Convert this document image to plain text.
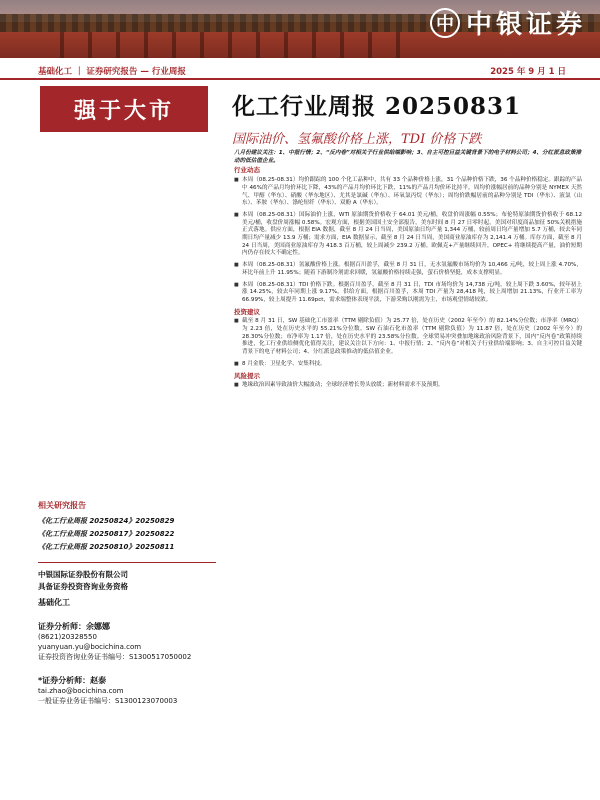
中 中银证券
基础化工 ｜ 证券研究报告 — 行业周报	2025 年 9 月 1 日
强于大市	化工行业周报 20250831
国际油价、氢氟酸价格上涨，TDI 价格下跌
八月份建议关注：1、中报行情；2、“反内卷”对相关子行业供给端影响；3、自主可控目益关键背景下的电子材料公司；4、分红派息政策推动的低估值企业。
行业动态
■ 本周（08.25-08.31）均价跟踪的 100 个化工品种中，共有 33 个品种价格上涨，31 个品种价格下跌，36 个品种价格稳定。跟踪的产品中 46%的产品月均价环比下降，43%的产品月均价环比下跌，11%的产品月均价环比持平。周均价涨幅居前的品种分别是 NYMEX 天然气、甲醇（华东）、硝酸（华东地区）、尤其是氯碱（华东）、环氧氯丙烷（华东）；周均价跌幅居前的品种分别是 TDI（华东）、液氯（山东）、苯胺（华东）、涤纶短纤（华东）、双酚 A（华东）。
■ 本周（08.25-08.31）国际油价上涨，WTI 原油期货价格收于 64.01 美元/桶，收盘价周涨幅 0.55%；布伦特原油期货价格收于 68.12 美元/桶，收盘价周涨幅 0.58%。宏观方面，根据美国国土安全部报告，美东时间 8 月 27 日零时起，美国对印度商品加征 50%关税措施正式落地。供应方面，根据 EIA 数据，截至 8 月 24 日当周，美国原油日均产量 1,344 万桶，较前周日均产量增加 5.7 万桶，较去年同期日均产量减少 13.9 万桶；需求方面，EIA 数据显示，截至 8 月 24 日当周，美国商业原油库存为 2,141.4 万桶。库存方面，截至 8 月 24 日当周，美国商业原油库存为 418.3 百万桶，较上周减少 239.2 万桶。欧佩克+产量继续回升，OPEC+ 将继续提高产量，油价短期内仍存在较大不确定性。
■ 本周（08.25-08.31）氢氟酸价格上涨。根据百川盈孚，截至 8 月 31 日，无水氢氟酸市场均价为 10,466 元/吨，较上周上涨 4.70%，环比年前上升 11.95%；随着下游制冷剂需求回暖，氢氟酸价格持续走强，萤石价格坚挺，成本支撑明显。
■ 本周（08.25-08.31）TDI 价格下跌。根据百川盈孚，截至 8 月 31 日，TDI 市场均价为 14,738 元/吨，较上周下跌 3.60%，较年初上涨 14.25%，较去年同期上涨 9.17%。供给方面，根据百川盈孚，本周 TDI 产量为 28,418 吨，较上周增加 21.13%，行业开工率为 66.99%，较上周提升 11.69pct，需求端整体表现平淡，下游采购以刚需为主，市场观望情绪较浓。
投资建议
■ 截至 8 月 31 日，SW 基础化工市盈率（TTM 剔除负值）为 25.77 倍，处在历史（2002 年至今）的 82.14%分位数；市净率（MRQ）为 2.23 倍，处在历史水平的 55.21%分位数。SW 石油石化市盈率（TTM 剔除负值）为 11.87 倍，处在历史（2002 年至今）的 28.30%分位数；市净率为 1.17 倍，处在历史水平的 23.58%分位数。全球贸易冲突叠加地缘政治风险背景下，国内“反内卷”政策持续推进，化工行业供给侧优化值得关注，建议关注以下方向：1、中报行情；2、“反内卷”对相关子行业供给端影响；3、自主可控目益关键背景下的电子材料公司；4、分红派息政策推动的低估值企业。
■ 8 月金股：卫星化学、安集科技。
风险提示
■ 地缘政治因素导致油价大幅波动；全球经济增长势头放缓；新材料需求不及预期。
相关研究报告
《化工行业周报 20250824》20250829
《化工行业周报 20250817》20250822
《化工行业周报 20250810》20250811
中银国际证券股份有限公司
具备证券投资咨询业务资格
基础化工
证券分析师：余娜娜
(8621)20328550
yuanyuan.yu@bocichina.com
证券投资咨询业务证书编号：S1300517050002
*证券分析师：赵泰
tai.zhao@bocichina.com
一般证券业务证书编号：S1300123070003
